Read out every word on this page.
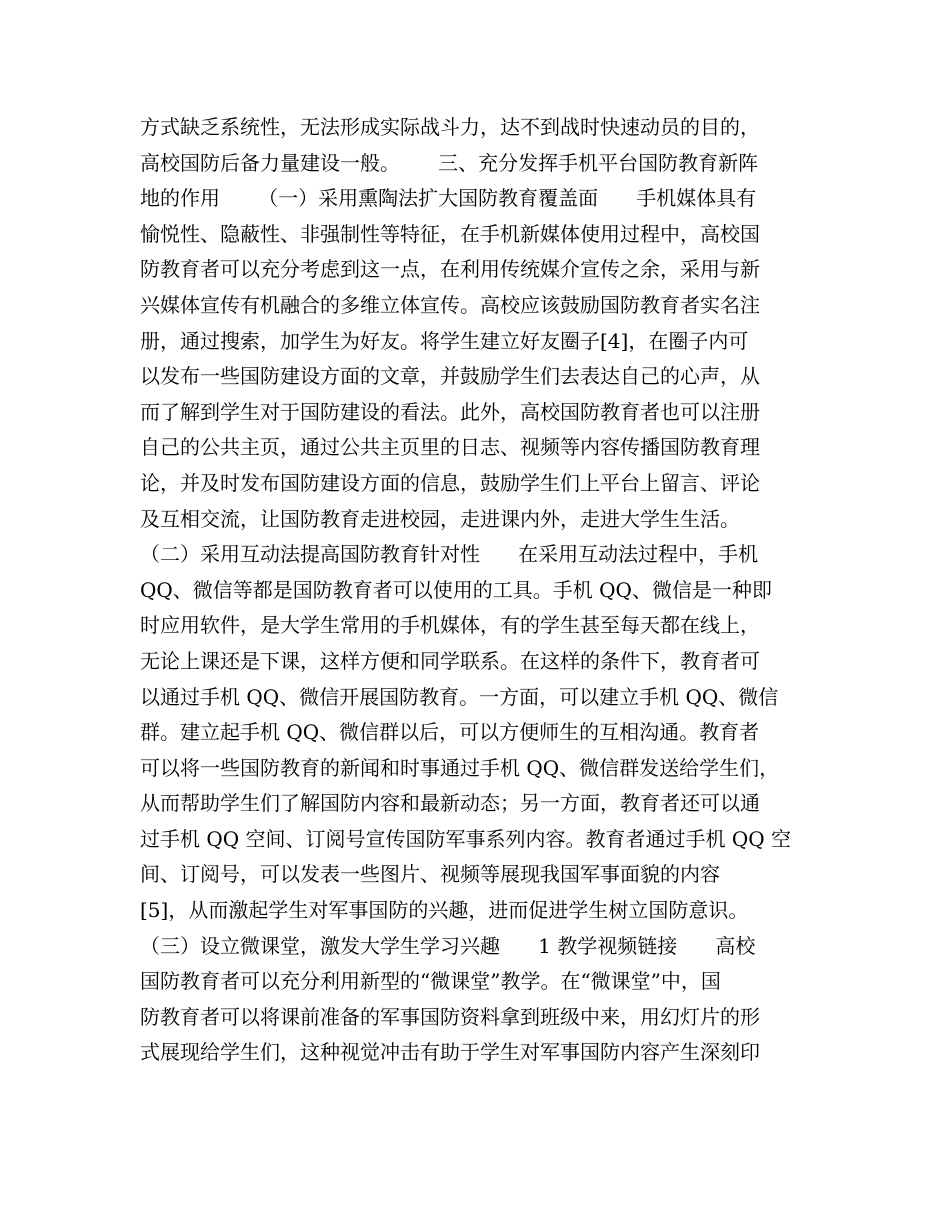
方式缺乏系统性，无法形成实际战斗力，达不到战时快速动员的目的，
高校国防后备力量建设一般。      三、充分发挥手机平台国防教育新阵
地的作用      （一）采用熏陶法扩大国防教育覆盖面      手机媒体具有
愉悦性、隐蔽性、非强制性等特征，在手机新媒体使用过程中，高校国
防教育者可以充分考虑到这一点，在利用传统媒介宣传之余，采用与新
兴媒体宣传有机融合的多维立体宣传。高校应该鼓励国防教育者实名注
册，通过搜索，加学生为好友。将学生建立好友圈子[4]，在圈子内可
以发布一些国防建设方面的文章，并鼓励学生们去表达自己的心声，从
而了解到学生对于国防建设的看法。此外，高校国防教育者也可以注册
自己的公共主页，通过公共主页里的日志、视频等内容传播国防教育理
论，并及时发布国防建设方面的信息，鼓励学生们上平台上留言、评论
及互相交流，让国防教育走进校园，走进课内外，走进大学生生活。
（二）采用互动法提高国防教育针对性      在采用互动法过程中，手机
QQ、微信等都是国防教育者可以使用的工具。手机 QQ、微信是一种即
时应用软件，是大学生常用的手机媒体，有的学生甚至每天都在线上，
无论上课还是下课，这样方便和同学联系。在这样的条件下，教育者可
以通过手机 QQ、微信开展国防教育。一方面，可以建立手机 QQ、微信
群。建立起手机 QQ、微信群以后，可以方便师生的互相沟通。教育者
可以将一些国防教育的新闻和时事通过手机 QQ、微信群发送给学生们，
从而帮助学生们了解国防内容和最新动态；另一方面，教育者还可以通
过手机 QQ 空间、订阅号宣传国防军事系列内容。教育者通过手机 QQ 空
间、订阅号，可以发表一些图片、视频等展现我国军事面貌的内容
[5]，从而激起学生对军事国防的兴趣，进而促进学生树立国防意识。
（三）设立微课堂，激发大学生学习兴趣      1 教学视频链接      高校
国防教育者可以充分利用新型的“微课堂”教学。在“微课堂”中，国
防教育者可以将课前准备的军事国防资料拿到班级中来，用幻灯片的形
式展现给学生们，这种视觉冲击有助于学生对军事国防内容产生深刻印
